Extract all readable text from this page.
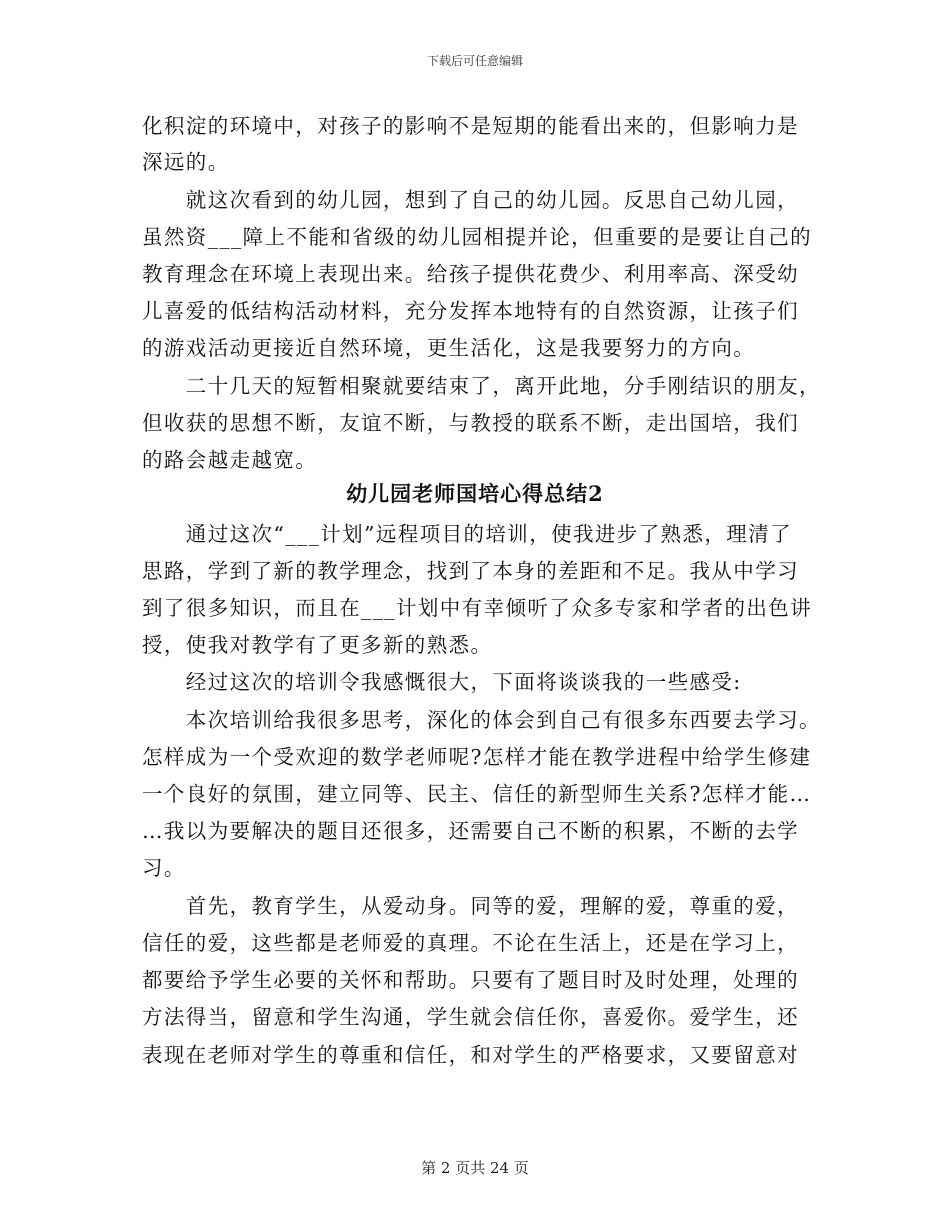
下载后可任意编辑
化积淀的环境中，对孩子的影响不是短期的能看出来的，但影响力是
深远的。
　　就这次看到的幼儿园，想到了自己的幼儿园。反思自己幼儿园，
虽然资___障上不能和省级的幼儿园相提并论，但重要的是要让自己的
教育理念在环境上表现出来。给孩子提供花费少、利用率高、深受幼
儿喜爱的低结构活动材料，充分发挥本地特有的自然资源，让孩子们
的游戏活动更接近自然环境，更生活化，这是我要努力的方向。
　　二十几天的短暂相聚就要结束了，离开此地，分手刚结识的朋友，
但收获的思想不断，友谊不断，与教授的联系不断，走出国培，我们
的路会越走越宽。
幼儿园老师国培心得总结2
　　通过这次“___计划”远程项目的培训，使我进步了熟悉，理清了
思路，学到了新的教学理念，找到了本身的差距和不足。我从中学习
到了很多知识，而且在___计划中有幸倾听了众多专家和学者的出色讲
授，使我对教学有了更多新的熟悉。
　　经过这次的培训令我感慨很大，下面将谈谈我的一些感受:
　　本次培训给我很多思考，深化的体会到自己有很多东西要去学习。
怎样成为一个受欢迎的数学老师呢?怎样才能在教学进程中给学生修建
一个良好的氛围，建立同等、民主、信任的新型师生关系?怎样才能…
…我以为要解决的题目还很多，还需要自己不断的积累，不断的去学
习。
　　首先，教育学生，从爱动身。同等的爱，理解的爱，尊重的爱，
信任的爱，这些都是老师爱的真理。不论在生活上，还是在学习上，
都要给予学生必要的关怀和帮助。只要有了题目时及时处理，处理的
方法得当，留意和学生沟通，学生就会信任你，喜爱你。爱学生，还
表现在老师对学生的尊重和信任，和对学生的严格要求，又要留意对
第 2 页共 24 页
